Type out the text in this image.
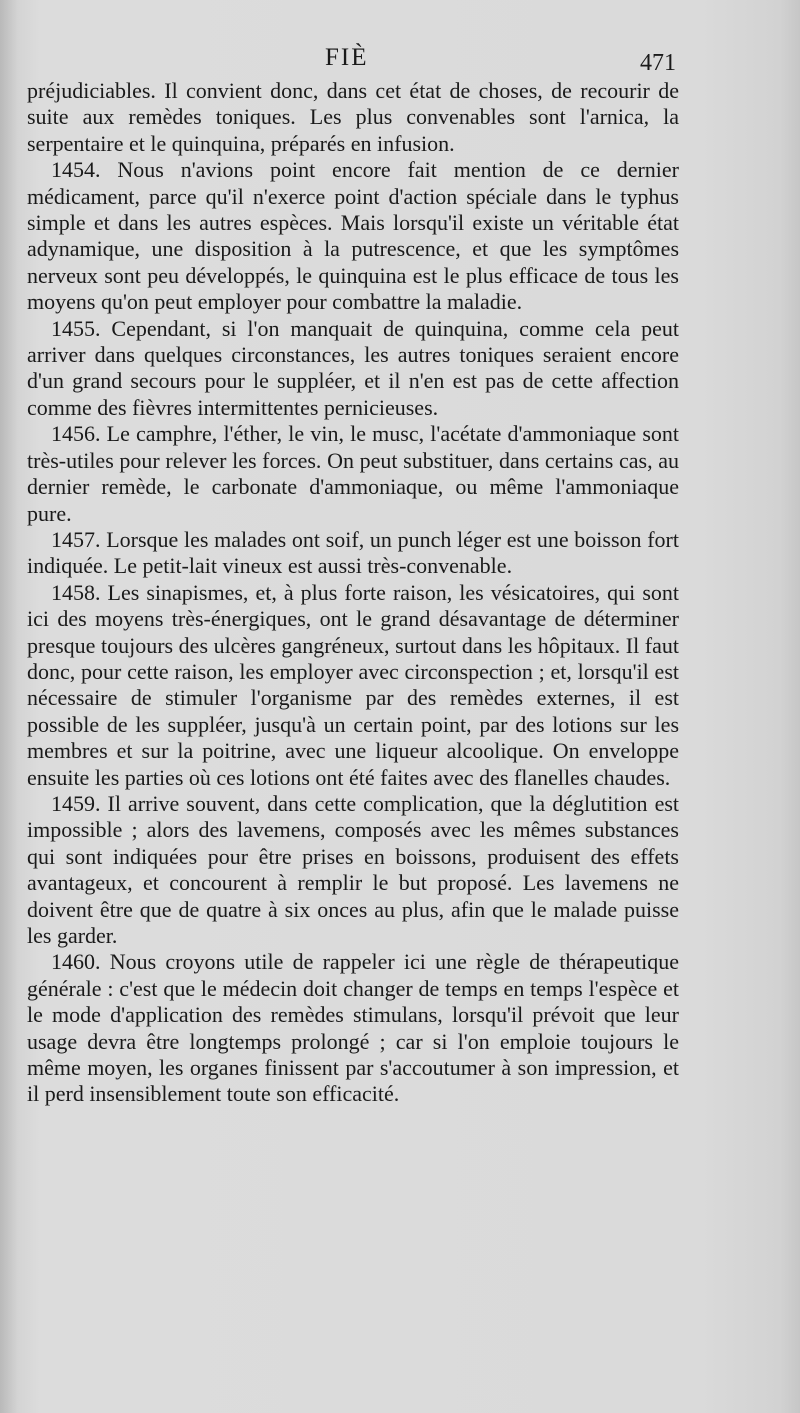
FIÈ	471

préjudiciables. Il convient donc, dans cet état de choses, de recourir de suite aux remèdes toniques. Les plus convenables sont l'arnica, la serpentaire et le quinquina, préparés en infusion.

1454. Nous n'avions point encore fait mention de ce dernier médicament, parce qu'il n'exerce point d'action spéciale dans le typhus simple et dans les autres espèces. Mais lorsqu'il existe un véritable état adynamique, une disposition à la putrescence, et que les symptômes nerveux sont peu développés, le quinquina est le plus efficace de tous les moyens qu'on peut employer pour combattre la maladie.

1455. Cependant, si l'on manquait de quinquina, comme cela peut arriver dans quelques circonstances, les autres toniques seraient encore d'un grand secours pour le suppléer, et il n'en est pas de cette affection comme des fièvres intermittentes pernicieuses.

1456. Le camphre, l'éther, le vin, le musc, l'acétate d'ammoniaque sont très-utiles pour relever les forces. On peut substituer, dans certains cas, au dernier remède, le carbonate d'ammoniaque, ou même l'ammoniaque pure.

1457. Lorsque les malades ont soif, un punch léger est une boisson fort indiquée. Le petit-lait vineux est aussi très-convenable.

1458. Les sinapismes, et, à plus forte raison, les vésicatoires, qui sont ici des moyens très-énergiques, ont le grand désavantage de déterminer presque toujours des ulcères gangréneux, surtout dans les hôpitaux. Il faut donc, pour cette raison, les employer avec circonspection ; et, lorsqu'il est nécessaire de stimuler l'organisme par des remèdes externes, il est possible de les suppléer, jusqu'à un certain point, par des lotions sur les membres et sur la poitrine, avec une liqueur alcoolique. On enveloppe ensuite les parties où ces lotions ont été faites avec des flanelles chaudes.

1459. Il arrive souvent, dans cette complication, que la déglutition est impossible ; alors des lavemens, composés avec les mêmes substances qui sont indiquées pour être prises en boissons, produisent des effets avantageux, et concourent à remplir le but proposé. Les lavemens ne doivent être que de quatre à six onces au plus, afin que le malade puisse les garder.

1460. Nous croyons utile de rappeler ici une règle de thérapeutique générale : c'est que le médecin doit changer de temps en temps l'espèce et le mode d'application des remèdes stimulans, lorsqu'il prévoit que leur usage devra être longtemps prolongé ; car si l'on emploie toujours le même moyen, les organes finissent par s'accoutumer à son impression, et il perd insensiblement toute son efficacité.
